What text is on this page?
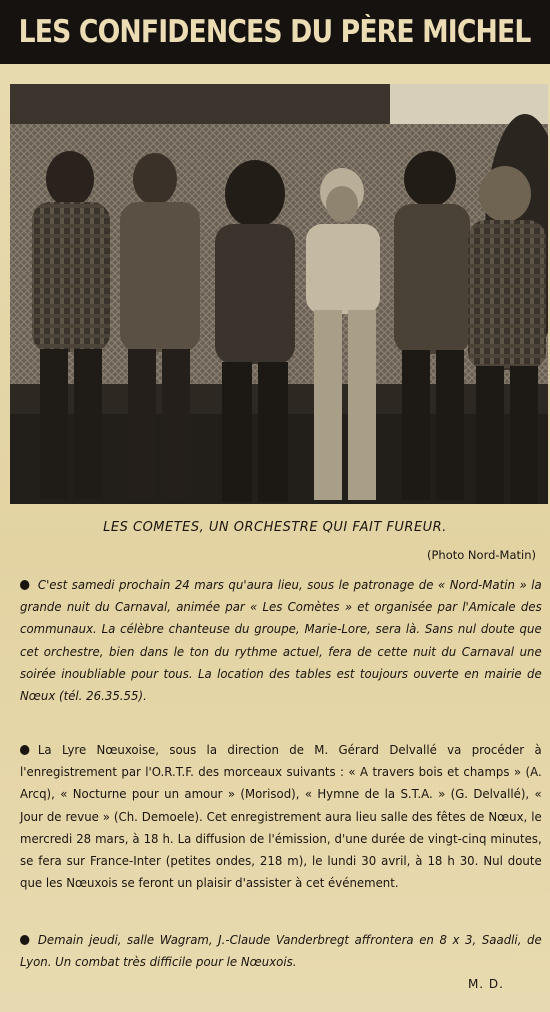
LES CONFIDENCES DU PÈRE MICHEL
LES COMETES, UN ORCHESTRE QUI FAIT FUREUR.
(Photo Nord-Matin)

C'est samedi prochain 24 mars qu'aura lieu, sous le patronage de « Nord-Matin » la grande nuit du Carnaval, animée par « Les Comètes » et organisée par l'Amicale des communaux. La célèbre chanteuse du groupe, Marie-Lore, sera là. Sans nul doute que cet orchestre, bien dans le ton du rythme actuel, fera de cette nuit du Carnaval une soirée inoubliable pour tous. La location des tables est toujours ouverte en mairie de Nœux (tél. 26.35.55).

La Lyre Nœuxoise, sous la direction de M. Gérard Delvallé va procéder à l'enregistrement par l'O.R.T.F. des morceaux suivants : « A travers bois et champs » (A. Arcq), « Nocturne pour un amour » (Morisod), « Hymne de la S.T.A. » (G. Delvallé), « Jour de revue » (Ch. Demoele). Cet enregistrement aura lieu salle des fêtes de Nœux, le mercredi 28 mars, à 18 h. La diffusion de l'émission, d'une durée de vingt-cinq minutes, se fera sur France-Inter (petites ondes, 218 m), le lundi 30 avril, à 18 h 30. Nul doute que les Nœuxois se feront un plaisir d'assister à cet événement.

Demain jeudi, salle Wagram, J.-Claude Vanderbregt affrontera en 8 x 3, Saadli, de Lyon. Un combat très difficile pour le Nœuxois.

M. D.
